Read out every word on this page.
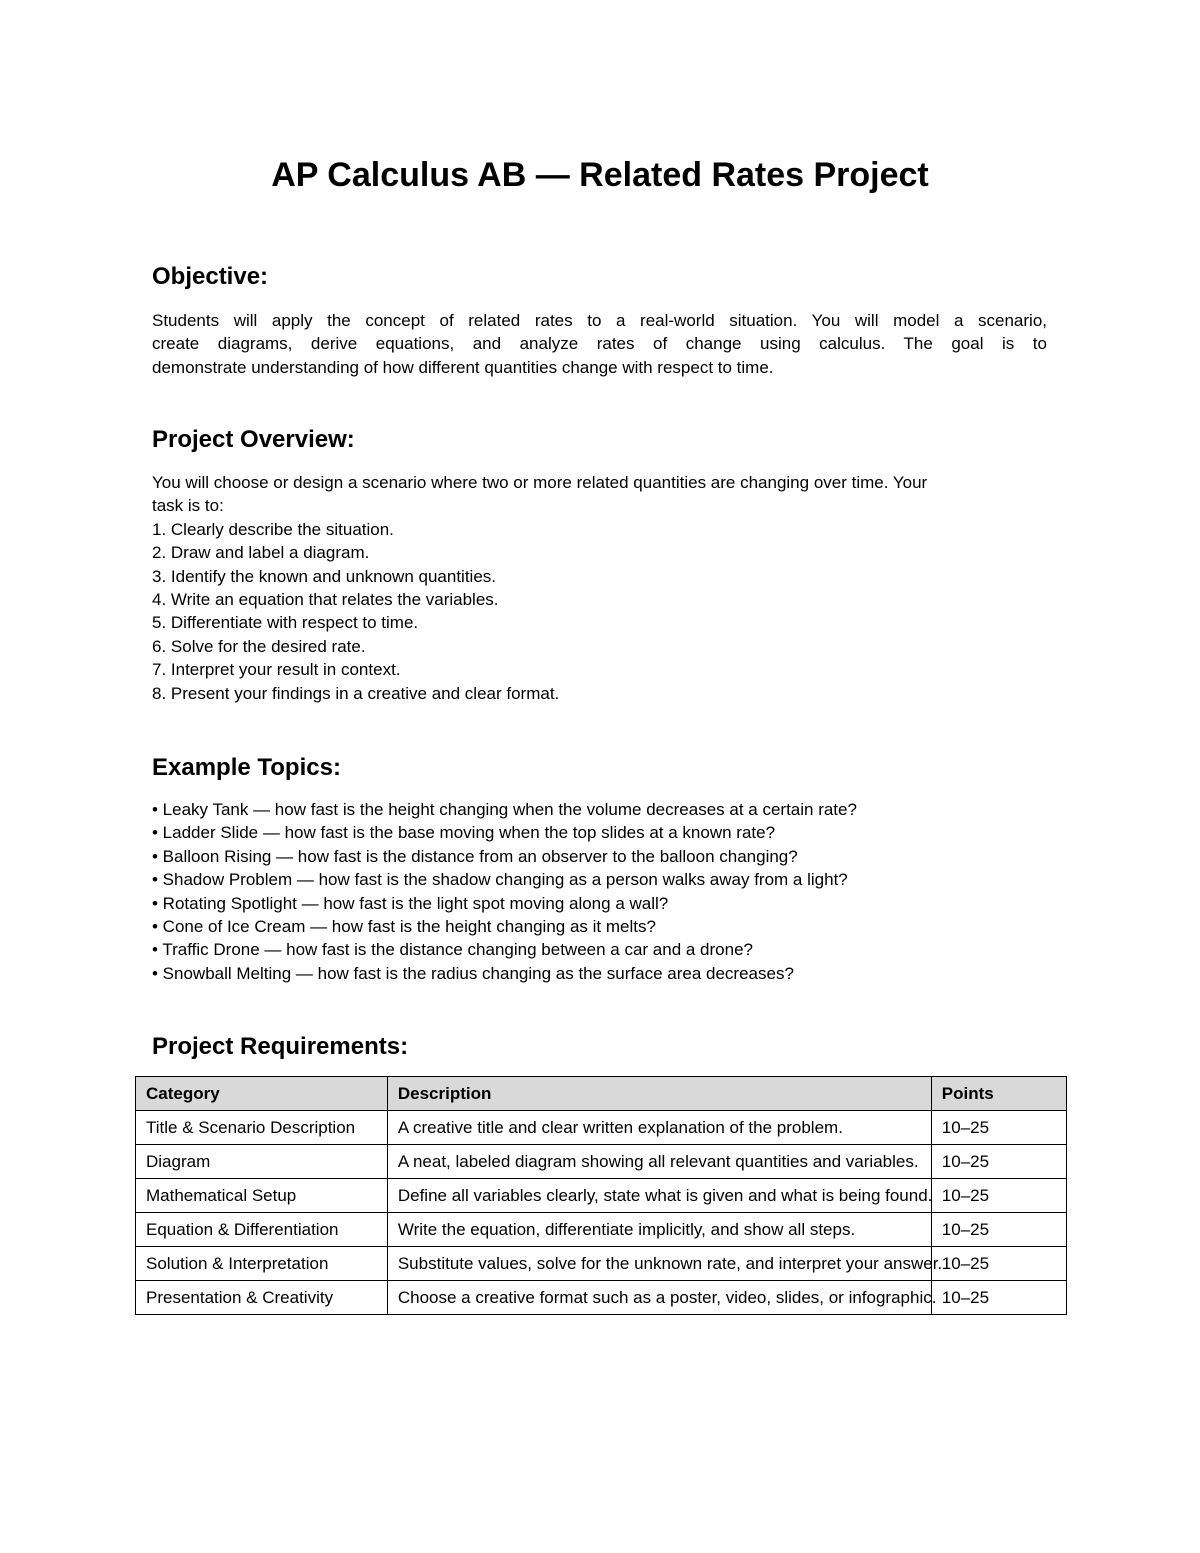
AP Calculus AB — Related Rates Project
Objective:
Students will apply the concept of related rates to a real-world situation. You will model a scenario,
create diagrams, derive equations, and analyze rates of change using calculus. The goal is to
demonstrate understanding of how different quantities change with respect to time.
Project Overview:
You will choose or design a scenario where two or more related quantities are changing over time. Your
task is to:
1. Clearly describe the situation.
2. Draw and label a diagram.
3. Identify the known and unknown quantities.
4. Write an equation that relates the variables.
5. Differentiate with respect to time.
6. Solve for the desired rate.
7. Interpret your result in context.
8. Present your findings in a creative and clear format.
Example Topics:
• Leaky Tank — how fast is the height changing when the volume decreases at a certain rate?
• Ladder Slide — how fast is the base moving when the top slides at a known rate?
• Balloon Rising — how fast is the distance from an observer to the balloon changing?
• Shadow Problem — how fast is the shadow changing as a person walks away from a light?
• Rotating Spotlight — how fast is the light spot moving along a wall?
• Cone of Ice Cream — how fast is the height changing as it melts?
• Traffic Drone — how fast is the distance changing between a car and a drone?
• Snowball Melting — how fast is the radius changing as the surface area decreases?
Project Requirements:
Category	Description	Points
Title & Scenario Description	A creative title and clear written explanation of the problem.	10–25
Diagram	A neat, labeled diagram showing all relevant quantities and variables.	10–25
Mathematical Setup	Define all variables clearly, state what is given and what is being found.	10–25
Equation & Differentiation	Write the equation, differentiate implicitly, and show all steps.	10–25
Solution & Interpretation	Substitute values, solve for the unknown rate, and interpret your answer.	10–25
Presentation & Creativity	Choose a creative format such as a poster, video, slides, or infographic.	10–25
